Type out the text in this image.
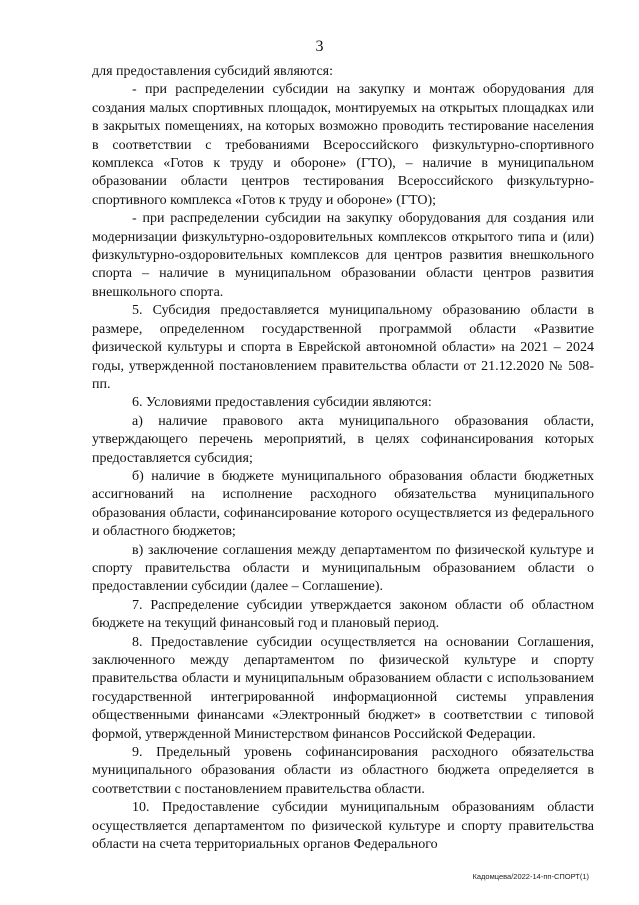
3

для предоставления субсидий являются:

- при распределении субсидии на закупку и монтаж оборудования для создания малых спортивных площадок, монтируемых на открытых площадках или в закрытых помещениях, на которых возможно проводить тестирование населения в соответствии с требованиями Всероссийского физкультурно-спортивного комплекса «Готов к труду и обороне» (ГТО), – наличие в муниципальном образовании области центров тестирования Всероссийского физкультурно-спортивного комплекса «Готов к труду и обороне» (ГТО);

- при распределении субсидии на закупку оборудования для создания или модернизации физкультурно-оздоровительных комплексов открытого типа и (или) физкультурно-оздоровительных комплексов для центров развития внешкольного спорта – наличие в муниципальном образовании области центров развития внешкольного спорта.

5. Субсидия предоставляется муниципальному образованию области в размере, определенном государственной программой области «Развитие физической культуры и спорта в Еврейской автономной области» на 2021 – 2024 годы, утвержденной постановлением правительства области от 21.12.2020 № 508-пп.

6. Условиями предоставления субсидии являются:

а) наличие правового акта муниципального образования области, утверждающего перечень мероприятий, в целях софинансирования которых предоставляется субсидия;

б) наличие в бюджете муниципального образования области бюджетных ассигнований на исполнение расходного обязательства муниципального образования области, софинансирование которого осуществляется из федерального и областного бюджетов;

в) заключение соглашения между департаментом по физической культуре и спорту правительства области и муниципальным образованием области о предоставлении субсидии (далее – Соглашение).

7. Распределение субсидии утверждается законом области об областном бюджете на текущий финансовый год и плановый период.

8. Предоставление субсидии осуществляется на основании Соглашения, заключенного между департаментом по физической культуре и спорту правительства области и муниципальным образованием области с использованием государственной интегрированной информационной системы управления общественными финансами «Электронный бюджет» в соответствии с типовой формой, утвержденной Министерством финансов Российской Федерации.

9. Предельный уровень софинансирования расходного обязательства муниципального образования области из областного бюджета определяется в соответствии с постановлением правительства области.

10. Предоставление субсидии муниципальным образованиям области осуществляется департаментом по физической культуре и спорту правительства области на счета территориальных органов Федерального

Кадомцева/2022-14-пп-СПОРТ(1)
